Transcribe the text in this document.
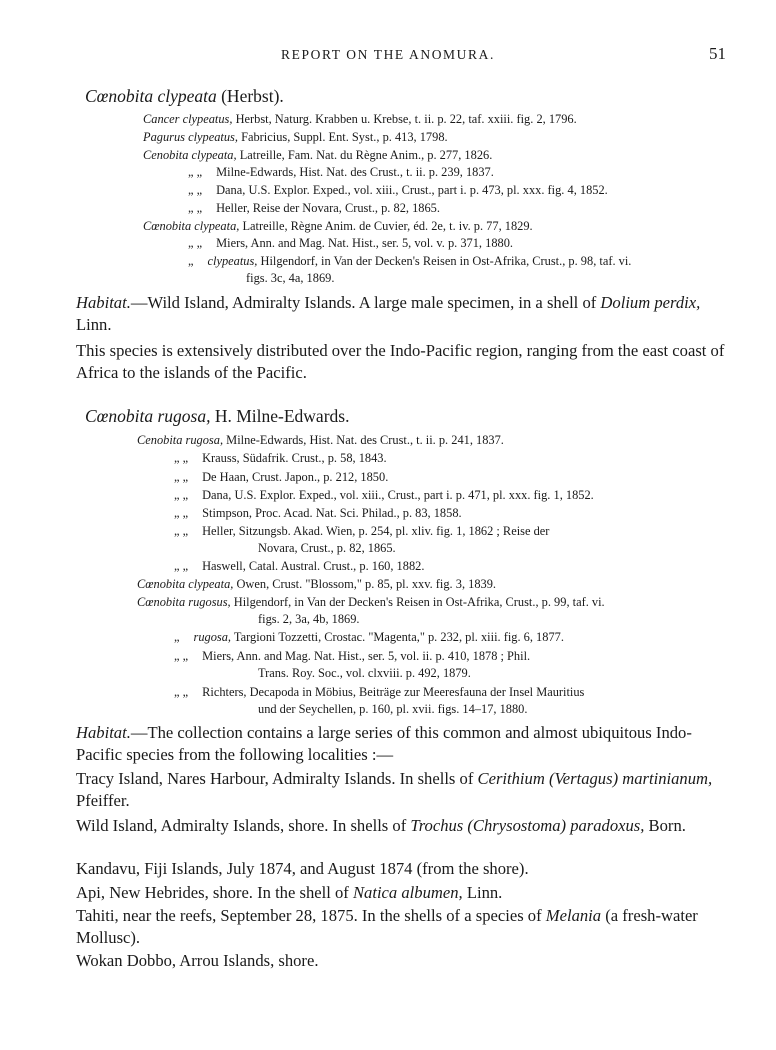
REPORT ON THE ANOMURA.	51
Cœnobita clypeata (Herbst).
Cancer clypeatus, Herbst, Naturg. Krabben u. Krebse, t. ii. p. 22, taf. xxiii. fig. 2, 1796.
Pagurus clypeatus, Fabricius, Suppl. Ent. Syst., p. 413, 1798.
Cenobita clypeata, Latreille, Fam. Nat. du Règne Anim., p. 277, 1826.
„ „ Milne-Edwards, Hist. Nat. des Crust., t. ii. p. 239, 1837.
„ „ Dana, U.S. Explor. Exped., vol. xiii., Crust., part i. p. 473, pl. xxx. fig. 4, 1852.
„ „ Heller, Reise der Novara, Crust., p. 82, 1865.
Cœnobita clypeata, Latreille, Règne Anim. de Cuvier, éd. 2e, t. iv. p. 77, 1829.
„ „ Miers, Ann. and Mag. Nat. Hist., ser. 5, vol. v. p. 371, 1880.
„ clypeatus, Hilgendorf, in Van der Decken's Reisen in Ost-Afrika, Crust., p. 98, taf. vi.
figs. 3c, 4a, 1869.
Habitat.—Wild Island, Admiralty Islands. A large male specimen, in a shell of Dolium perdix, Linn.
This species is extensively distributed over the Indo-Pacific region, ranging from the east coast of Africa to the islands of the Pacific.
Cœnobita rugosa, H. Milne-Edwards.
Cenobita rugosa, Milne-Edwards, Hist. Nat. des Crust., t. ii. p. 241, 1837.
„ „ Krauss, Südafrik. Crust., p. 58, 1843.
„ „ De Haan, Crust. Japon., p. 212, 1850.
„ „ Dana, U.S. Explor. Exped., vol. xiii., Crust., part i. p. 471, pl. xxx. fig. 1, 1852.
„ „ Stimpson, Proc. Acad. Nat. Sci. Philad., p. 83, 1858.
„ „ Heller, Sitzungsb. Akad. Wien, p. 254, pl. xliv. fig. 1, 1862 ; Reise der
Novara, Crust., p. 82, 1865.
„ „ Haswell, Catal. Austral. Crust., p. 160, 1882.
Cœnobita clypeata, Owen, Crust. "Blossom," p. 85, pl. xxv. fig. 3, 1839.
Cœnobita rugosus, Hilgendorf, in Van der Decken's Reisen in Ost-Afrika, Crust., p. 99, taf. vi.
figs. 2, 3a, 4b, 1869.
„ rugosa, Targioni Tozzetti, Crostac. "Magenta," p. 232, pl. xiii. fig. 6, 1877.
„ „ Miers, Ann. and Mag. Nat. Hist., ser. 5, vol. ii. p. 410, 1878 ; Phil.
Trans. Roy. Soc., vol. clxviii. p. 492, 1879.
„ „ Richters, Decapoda in Möbius, Beiträge zur Meeresfauna der Insel Mauritius
und der Seychellen, p. 160, pl. xvii. figs. 14–17, 1880.
Habitat.—The collection contains a large series of this common and almost ubiquitous Indo-Pacific species from the following localities :—
Tracy Island, Nares Harbour, Admiralty Islands. In shells of Cerithium (Vertagus) martinianum, Pfeiffer.
Wild Island, Admiralty Islands, shore. In shells of Trochus (Chrysostoma) paradoxus, Born.
Kandavu, Fiji Islands, July 1874, and August 1874 (from the shore).
Api, New Hebrides, shore. In the shell of Natica albumen, Linn.
Tahiti, near the reefs, September 28, 1875. In the shells of a species of Melania (a fresh-water Mollusc).
Wokan Dobbo, Arrou Islands, shore.
